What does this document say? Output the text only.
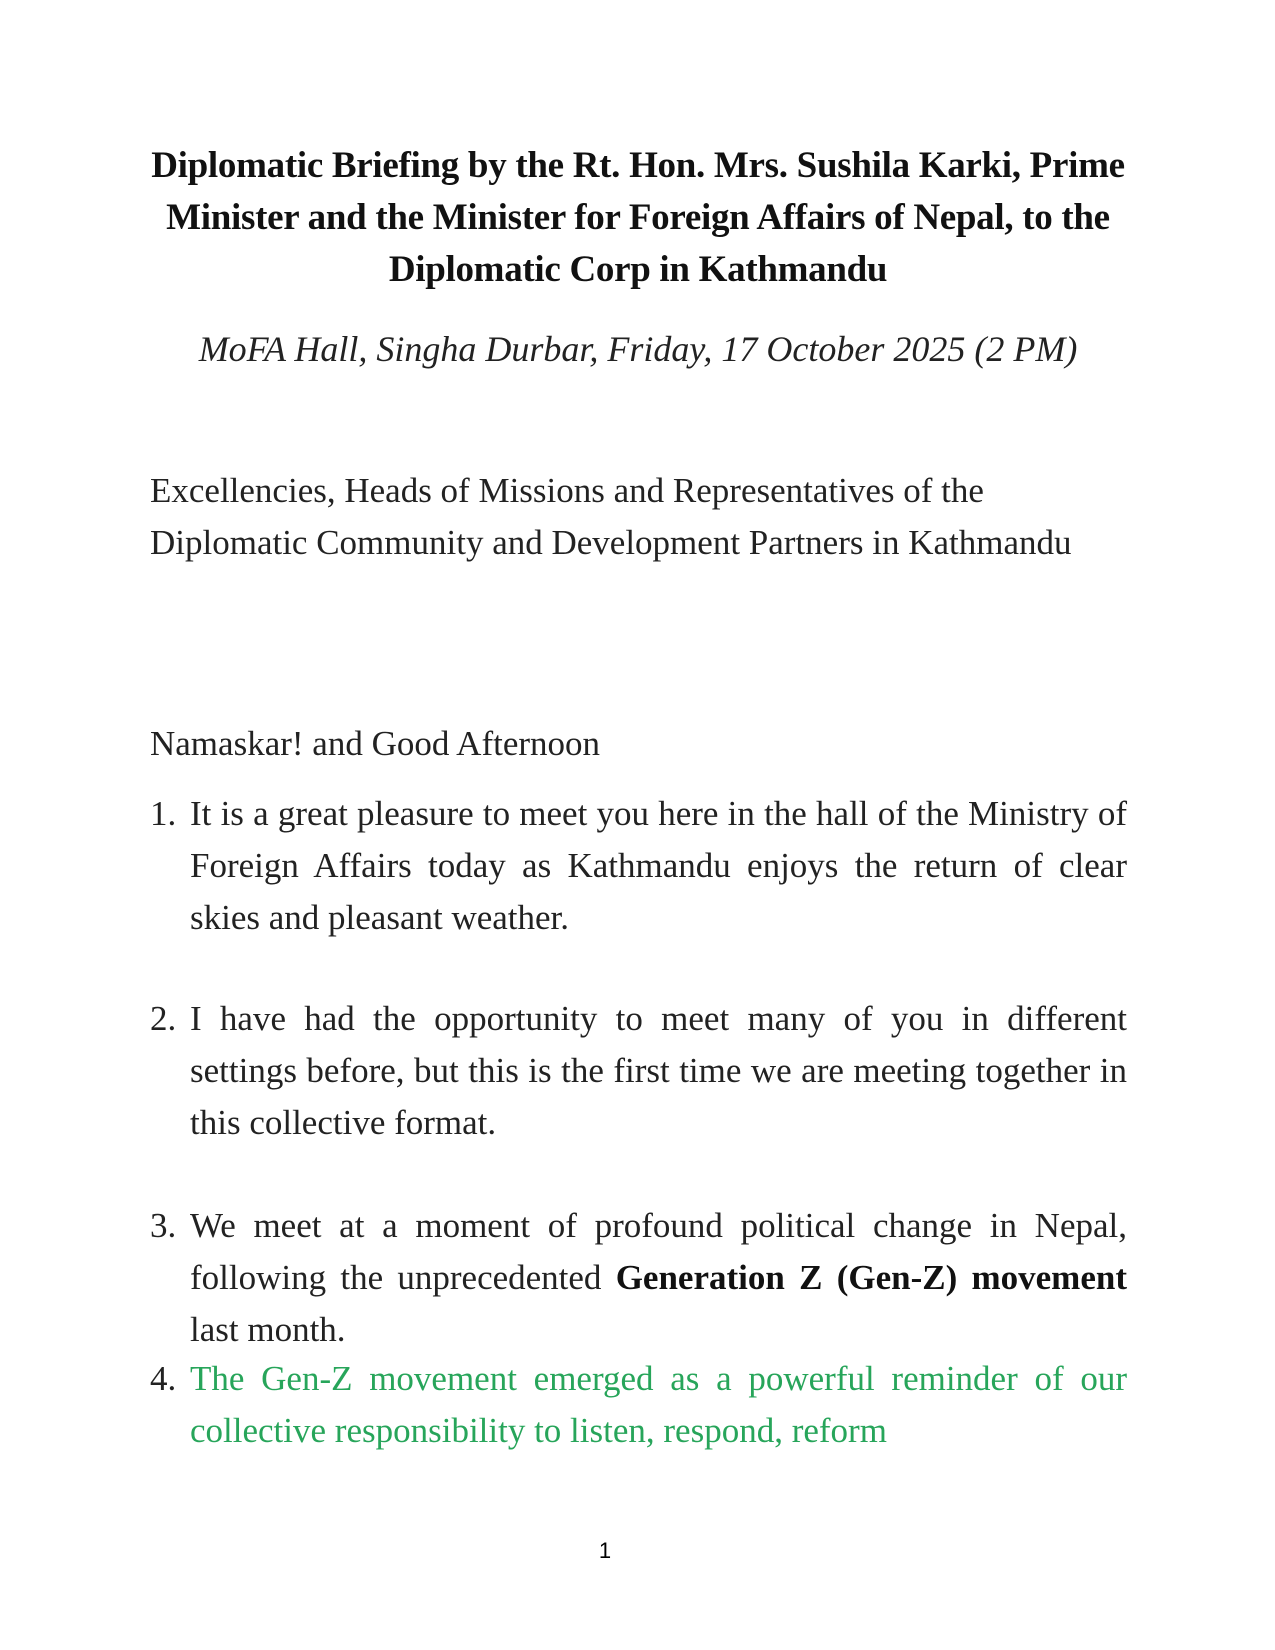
Diplomatic Briefing by the Rt. Hon. Mrs. Sushila Karki, Prime Minister and the Minister for Foreign Affairs of Nepal, to the Diplomatic Corp in Kathmandu

MoFA Hall, Singha Durbar, Friday, 17 October 2025 (2 PM)

Excellencies, Heads of Missions and Representatives of the Diplomatic Community and Development Partners in Kathmandu

Namaskar! and Good Afternoon

1. It is a great pleasure to meet you here in the hall of the Ministry of Foreign Affairs today as Kathmandu enjoys the return of clear skies and pleasant weather.
2. I have had the opportunity to meet many of you in different settings before, but this is the first time we are meeting together in this collective format.
3. We meet at a moment of profound political change in Nepal, following the unprecedented Generation Z (Gen-Z) movement last month.
4. The Gen-Z movement emerged as a powerful reminder of our collective responsibility to listen, respond, reform
1
